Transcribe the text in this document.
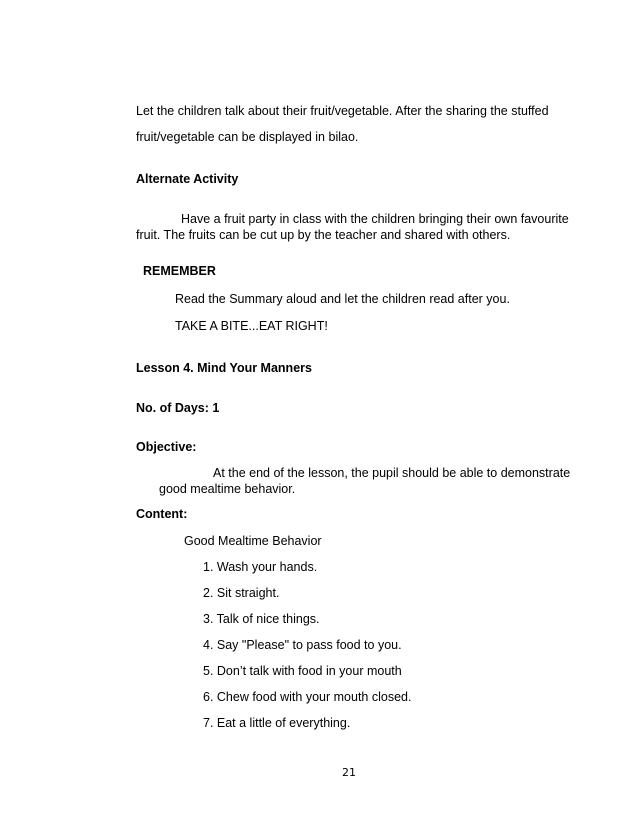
Let the children talk about their fruit/vegetable. After the sharing the stuffed
fruit/vegetable can be displayed in bilao.
Alternate Activity
Have a fruit party in class with the children bringing their own favourite
fruit. The fruits can be cut up by the teacher and shared with others.
REMEMBER
Read the Summary aloud and let the children read after you.
TAKE A BITE...EAT RIGHT!
Lesson 4. Mind Your Manners
No. of Days: 1
Objective:
At the end of the lesson, the pupil should be able to demonstrate
good mealtime behavior.
Content:
Good Mealtime Behavior
1. Wash your hands.
2. Sit straight.
3. Talk of nice things.
4. Say "Please" to pass food to you.
5. Don’t talk with food in your mouth
6. Chew food with your mouth closed.
7. Eat a little of everything.
21
